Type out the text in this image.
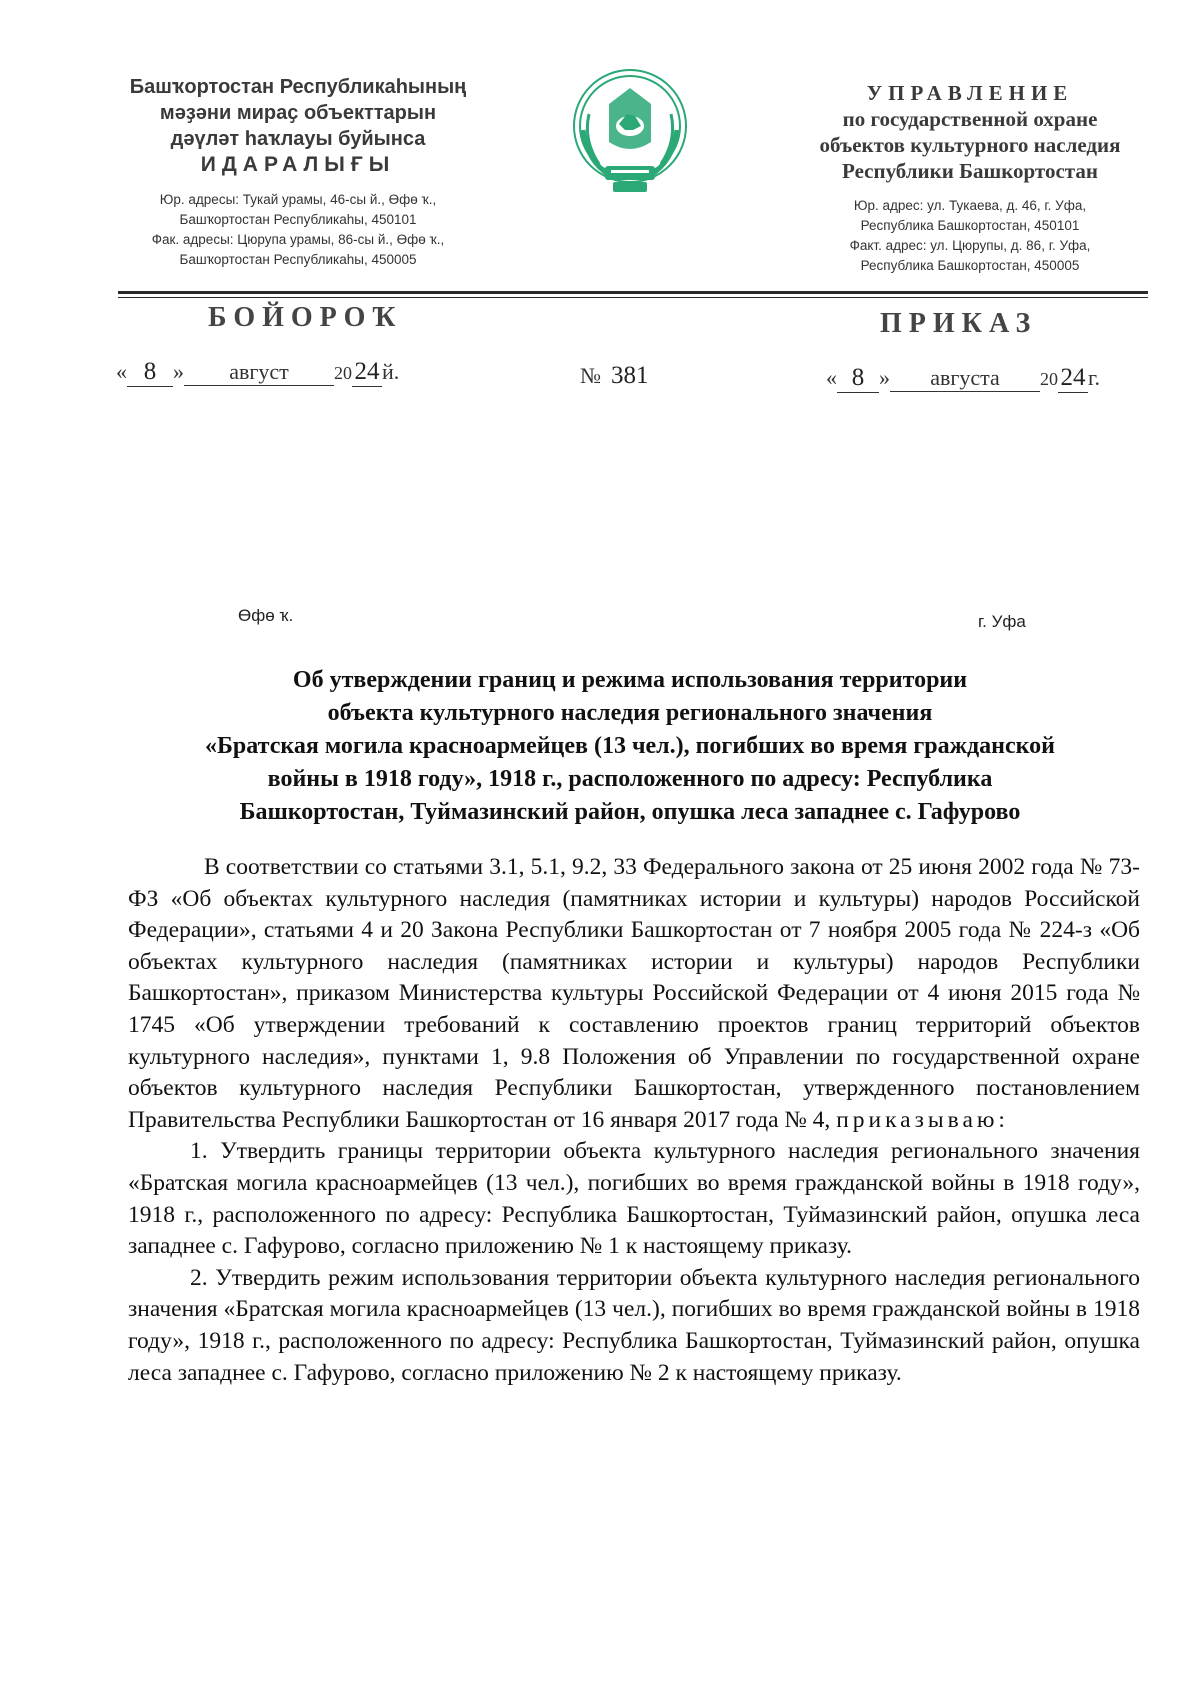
Башҡортостан Республикаһының
мәҙәни мираҫ объекттарын
дәүләт һаҡлауы буйынса
ИДАРАЛЫҒЫ
Юр. адресы: Тукай урамы, 46-сы й., Өфө ҡ.,
Башҡортостан Республикаһы, 450101
Фак. адресы: Цюрупа урамы, 86-сы й., Өфө ҡ.,
Башҡортостан Республикаһы, 450005
УПРАВЛЕНИЕ
по государственной охране
объектов культурного наследия
Республики Башкортостан
Юр. адрес: ул. Тукаева, д. 46, г. Уфа,
Республика Башкортостан, 450101
Факт. адрес: ул. Цюрупы, д. 86, г. Уфа,
Республика Башкортостан, 450005
БОЙОРОҠ	ПРИКАЗ
« 8 » август	20 24 й.	№ 381	« 8 » августа 20 24 г.
Өфө ҡ.	г. Уфа
Об утверждении границ и режима использования территории
объекта культурного наследия регионального значения
«Братская могила красноармейцев (13 чел.), погибших во время гражданской
войны в 1918 году», 1918 г., расположенного по адресу: Республика
Башкортостан, Туймазинский район, опушка леса западнее с. Гафурово

В соответствии со статьями 3.1, 5.1, 9.2, 33 Федерального закона от 25 июня 2002 года № 73-ФЗ «Об объектах культурного наследия (памятниках истории и культуры) народов Российской Федерации», статьями 4 и 20 Закона Республики Башкортостан от 7 ноября 2005 года № 224-з «Об объектах культурного наследия (памятниках истории и культуры) народов Республики Башкортостан», приказом Министерства культуры Российской Федерации от 4 июня 2015 года № 1745 «Об утверждении требований к составлению проектов границ территорий объектов культурного наследия», пунктами 1, 9.8 Положения об Управлении по государственной охране объектов культурного наследия Республики Башкортостан, утвержденного постановлением Правительства Республики Башкортостан от 16 января 2017 года № 4, приказываю:

1. Утвердить границы территории объекта культурного наследия регионального значения «Братская могила красноармейцев (13 чел.), погибших во время гражданской войны в 1918 году», 1918 г., расположенного по адресу: Республика Башкортостан, Туймазинский район, опушка леса западнее с. Гафурово, согласно приложению № 1 к настоящему приказу.

2. Утвердить режим использования территории объекта культурного наследия регионального значения «Братская могила красноармейцев (13 чел.), погибших во время гражданской войны в 1918 году», 1918 г., расположенного по адресу: Республика Башкортостан, Туймазинский район, опушка леса западнее с. Гафурово, согласно приложению № 2 к настоящему приказу.
